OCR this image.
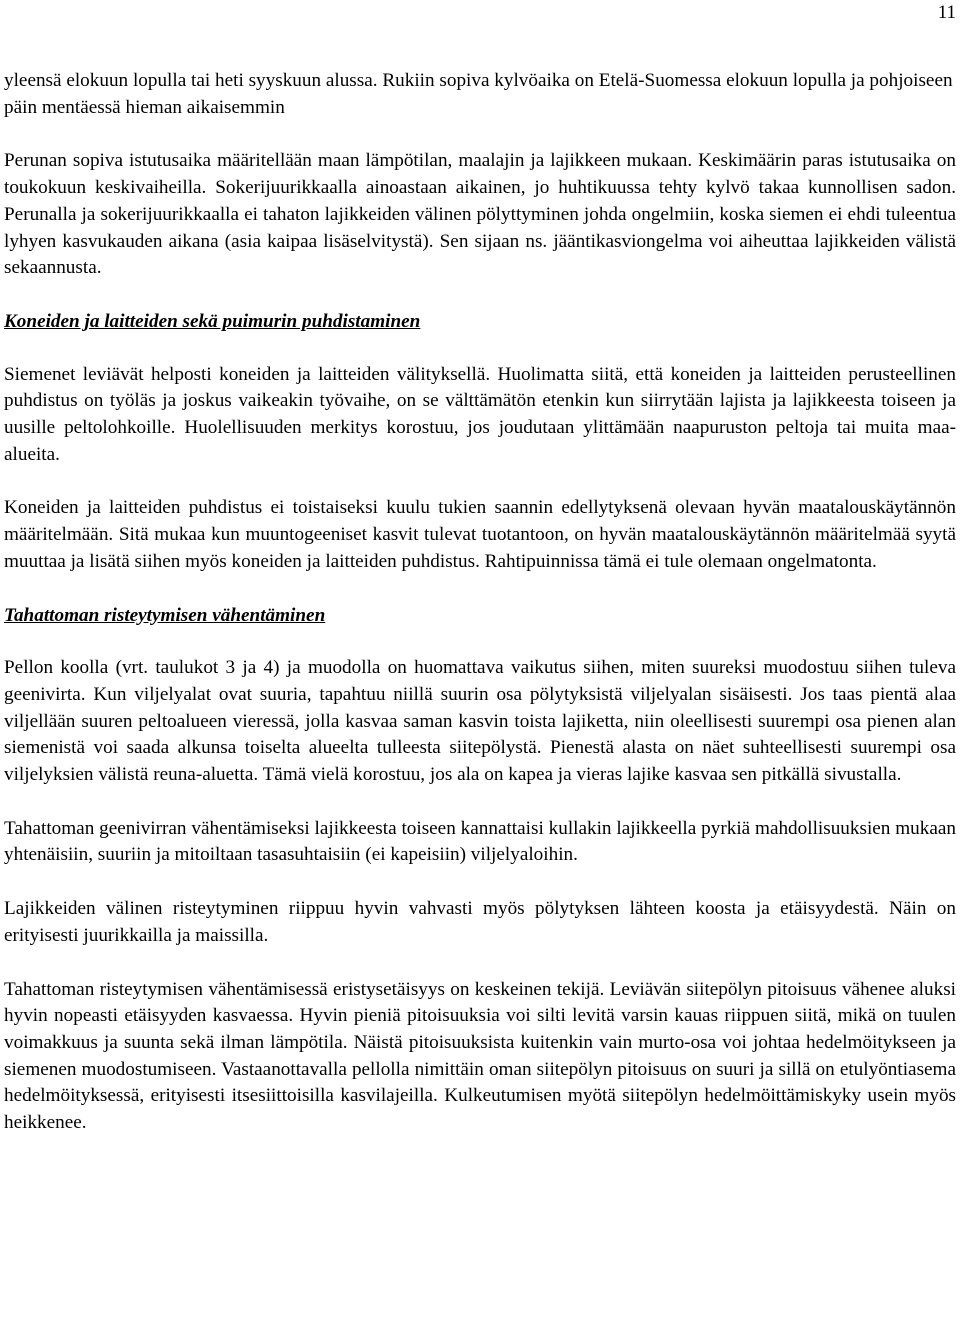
11

yleensä elokuun lopulla tai heti syyskuun alussa. Rukiin sopiva kylvöaika on Etelä-Suomessa elokuun lopulla ja pohjoiseen päin mentäessä hieman aikaisemmin

Perunan sopiva istutusaika määritellään maan lämpötilan, maalajin ja lajikkeen mukaan. Keskimäärin paras istutusaika on toukokuun keskivaiheilla. Sokerijuurikkaalla ainoastaan aikainen, jo huhtikuussa tehty kylvö takaa kunnollisen sadon. Perunalla ja sokerijuurikkaalla ei tahaton lajikkeiden välinen pölyttyminen johda ongelmiin, koska siemen ei ehdi tuleentua lyhyen kasvukauden aikana (asia kaipaa lisäselvitystä). Sen sijaan ns. jääntikasviongelma voi aiheuttaa lajikkeiden välistä sekaannusta.

Koneiden ja laitteiden sekä puimurin puhdistaminen

Siemenet leviävät helposti koneiden ja laitteiden välityksellä. Huolimatta siitä, että koneiden ja laitteiden perusteellinen puhdistus on työläs ja joskus vaikeakin työvaihe, on se välttämätön etenkin kun siirrytään lajista ja lajikkeesta toiseen ja uusille peltolohkoille. Huolellisuuden merkitys korostuu, jos joudutaan ylittämään naapuruston peltoja tai muita maa-alueita.

Koneiden ja laitteiden puhdistus ei toistaiseksi kuulu tukien saannin edellytyksenä olevaan hyvän maatalouskäytännön määritelmään. Sitä mukaa kun muuntogeeniset kasvit tulevat tuotantoon, on hyvän maatalouskäytännön määritelmää syytä muuttaa ja lisätä siihen myös koneiden ja laitteiden puhdistus. Rahtipuinnissa tämä ei tule olemaan ongelmatonta.

Tahattoman risteytymisen vähentäminen

Pellon koolla (vrt. taulukot 3 ja 4) ja muodolla on huomattava vaikutus siihen, miten suureksi muodostuu siihen tuleva geenivirta. Kun viljelyalat ovat suuria, tapahtuu niillä suurin osa pölytyksistä viljelyalan sisäisesti. Jos taas pientä alaa viljellään suuren peltoalueen vieressä, jolla kasvaa saman kasvin toista lajiketta, niin oleellisesti suurempi osa pienen alan siemenistä voi saada alkunsa toiselta alueelta tulleesta siitepölystä. Pienestä alasta on näet suhteellisesti suurempi osa viljelyksien välistä reuna-aluetta. Tämä vielä korostuu, jos ala on kapea ja vieras lajike kasvaa sen pitkällä sivustalla.

Tahattoman geenivirran vähentämiseksi lajikkeesta toiseen kannattaisi kullakin lajikkeella pyrkiä mahdollisuuksien mukaan yhtenäisiin, suuriin ja mitoiltaan tasasuhtaisiin (ei kapeisiin) viljelyaloihin.

Lajikkeiden välinen risteytyminen riippuu hyvin vahvasti myös pölytyksen lähteen koosta ja etäisyydestä. Näin on erityisesti juurikkailla ja maissilla.

Tahattoman risteytymisen vähentämisessä eristysetäisyys on keskeinen tekijä. Leviävän siitepölyn pitoisuus vähenee aluksi hyvin nopeasti etäisyyden kasvaessa. Hyvin pieniä pitoisuuksia voi silti levitä varsin kauas riippuen siitä, mikä on tuulen voimakkuus ja suunta sekä ilman lämpötila. Näistä pitoisuuksista kuitenkin vain murto-osa voi johtaa hedelmöitykseen ja siemenen muodostumiseen. Vastaanottavalla pellolla nimittäin oman siitepölyn pitoisuus on suuri ja sillä on etulyöntiasema hedelmöityksessä, erityisesti itsesiittoisilla kasvilajeilla. Kulkeutumisen myötä siitepölyn hedelmöittämiskyky usein myös heikkenee.
